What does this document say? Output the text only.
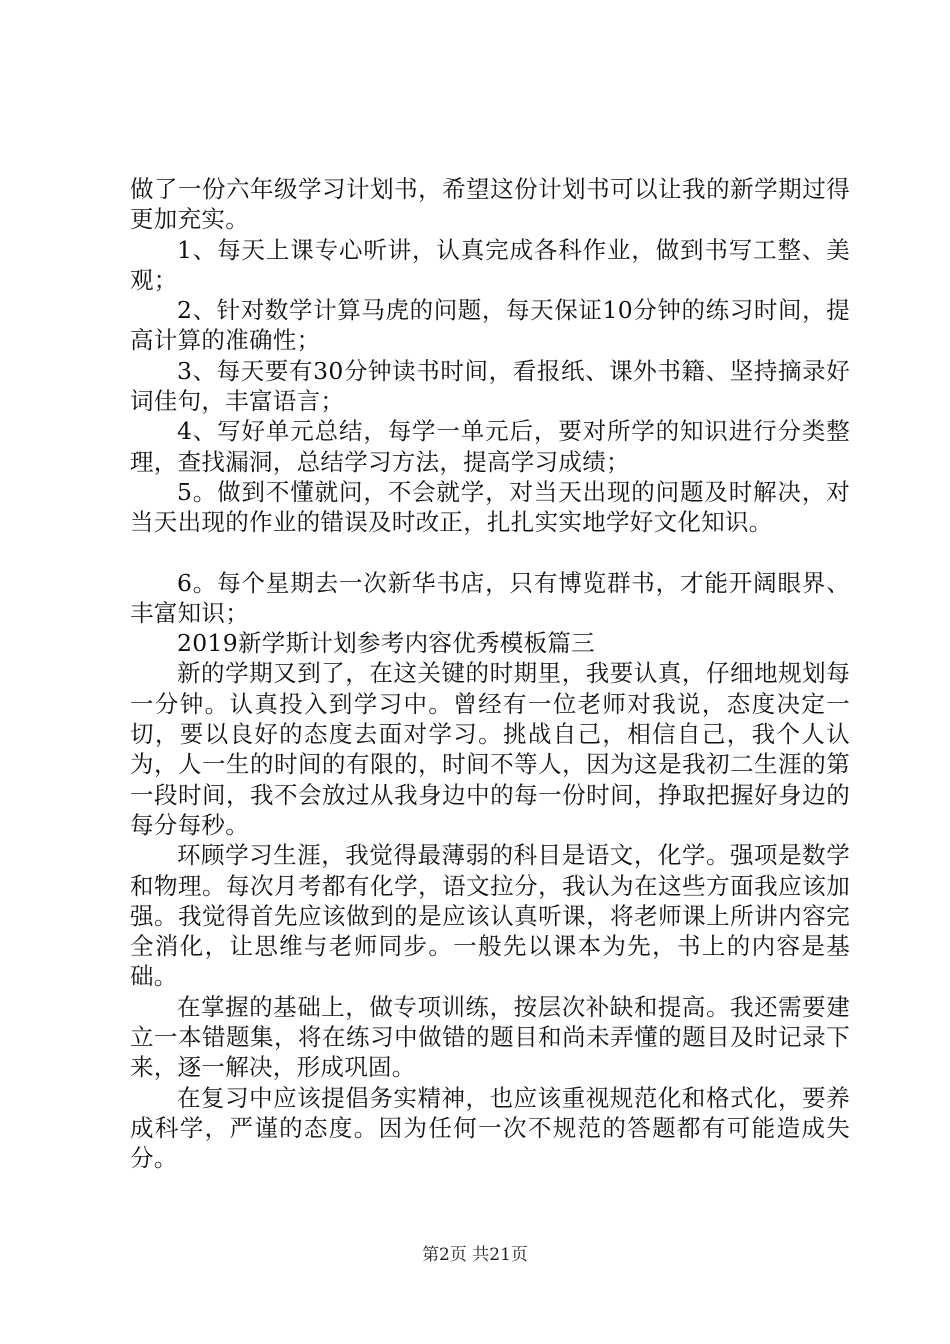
做了一份六年级学习计划书，希望这份计划书可以让我的新学期过得更加充实。

1、每天上课专心听讲，认真完成各科作业，做到书写工整、美观；

2、针对数学计算马虎的问题，每天保证10分钟的练习时间，提高计算的准确性；

3、每天要有30分钟读书时间，看报纸、课外书籍、坚持摘录好词佳句，丰富语言；

4、写好单元总结，每学一单元后，要对所学的知识进行分类整理，查找漏洞，总结学习方法，提高学习成绩；

5。做到不懂就问，不会就学，对当天出现的问题及时解决，对当天出现的作业的错误及时改正，扎扎实实地学好文化知识。

6。每个星期去一次新华书店，只有博览群书，才能开阔眼界、丰富知识；

2019新学斯计划参考内容优秀模板篇三

新的学期又到了，在这关键的时期里，我要认真，仔细地规划每一分钟。认真投入到学习中。曾经有一位老师对我说，态度决定一切，要以良好的态度去面对学习。挑战自己，相信自己，我个人认为，人一生的时间的有限的，时间不等人，因为这是我初二生涯的第一段时间，我不会放过从我身边中的每一份时间，挣取把握好身边的每分每秒。

环顾学习生涯，我觉得最薄弱的科目是语文，化学。强项是数学和物理。每次月考都有化学，语文拉分，我认为在这些方面我应该加强。我觉得首先应该做到的是应该认真听课，将老师课上所讲内容完全消化，让思维与老师同步。一般先以课本为先，书上的内容是基础。

在掌握的基础上，做专项训练，按层次补缺和提高。我还需要建立一本错题集，将在练习中做错的题目和尚未弄懂的题目及时记录下来，逐一解决，形成巩固。

在复习中应该提倡务实精神，也应该重视规范化和格式化，要养成科学，严谨的态度。因为任何一次不规范的答题都有可能造成失分。

第2页 共21页
